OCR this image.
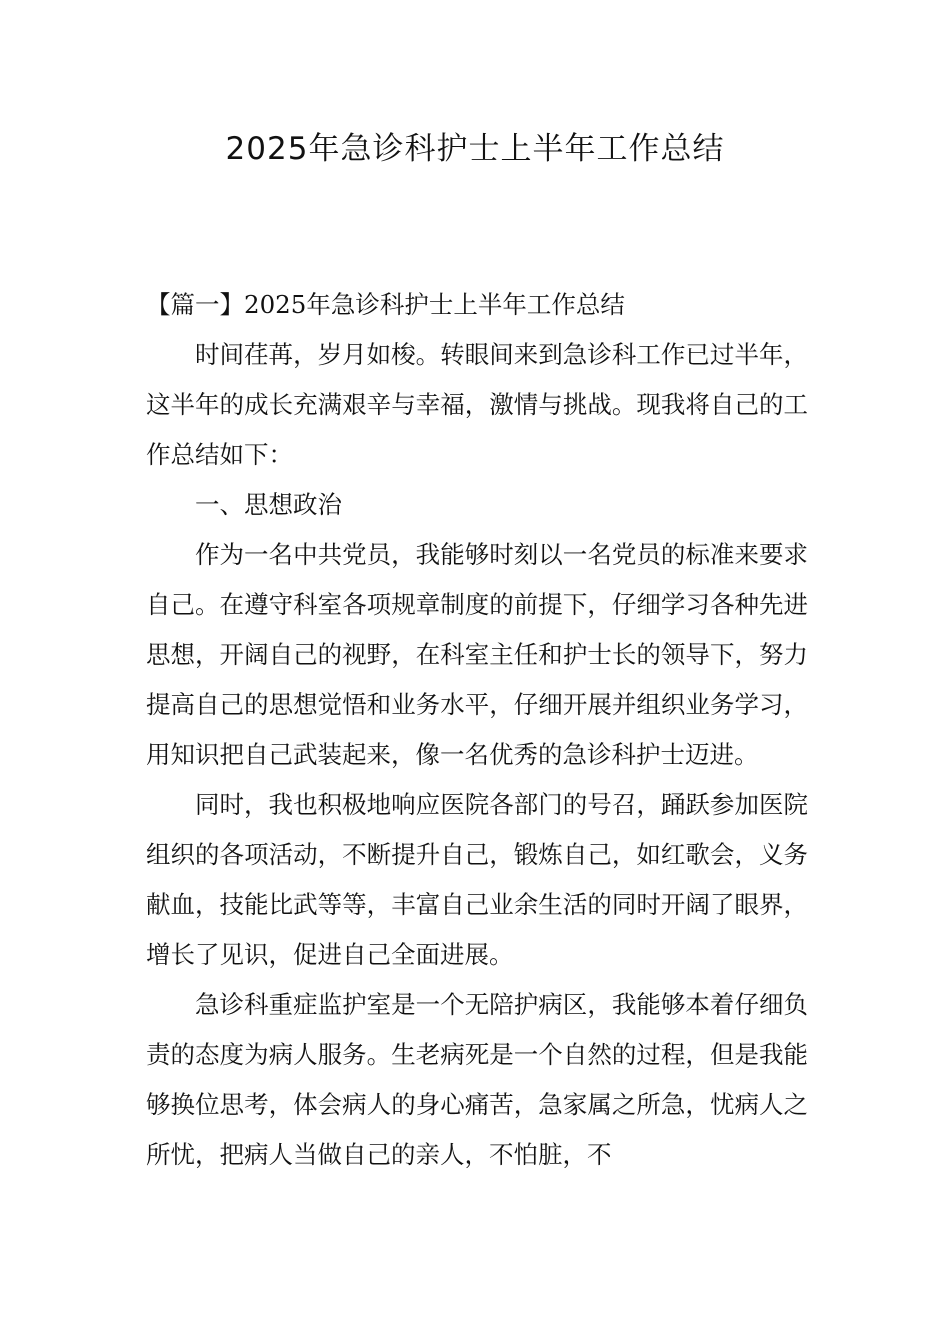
2025年急诊科护士上半年工作总结

【篇一】2025年急诊科护士上半年工作总结

时间荏苒，岁月如梭。转眼间来到急诊科工作已过半年，这半年的成长充满艰辛与幸福，激情与挑战。现我将自己的工作总结如下：

一、思想政治

作为一名中共党员，我能够时刻以一名党员的标准来要求自己。在遵守科室各项规章制度的前提下，仔细学习各种先进思想，开阔自己的视野，在科室主任和护士长的领导下，努力提高自己的思想觉悟和业务水平，仔细开展并组织业务学习，用知识把自己武装起来，像一名优秀的急诊科护士迈进。

同时，我也积极地响应医院各部门的号召，踊跃参加医院组织的各项活动，不断提升自己，锻炼自己，如红歌会，义务献血，技能比武等等，丰富自己业余生活的同时开阔了眼界，增长了见识，促进自己全面进展。

急诊科重症监护室是一个无陪护病区，我能够本着仔细负责的态度为病人服务。生老病死是一个自然的过程，但是我能够换位思考，体会病人的身心痛苦，急家属之所急，忧病人之所忧，把病人当做自己的亲人，不怕脏，不
